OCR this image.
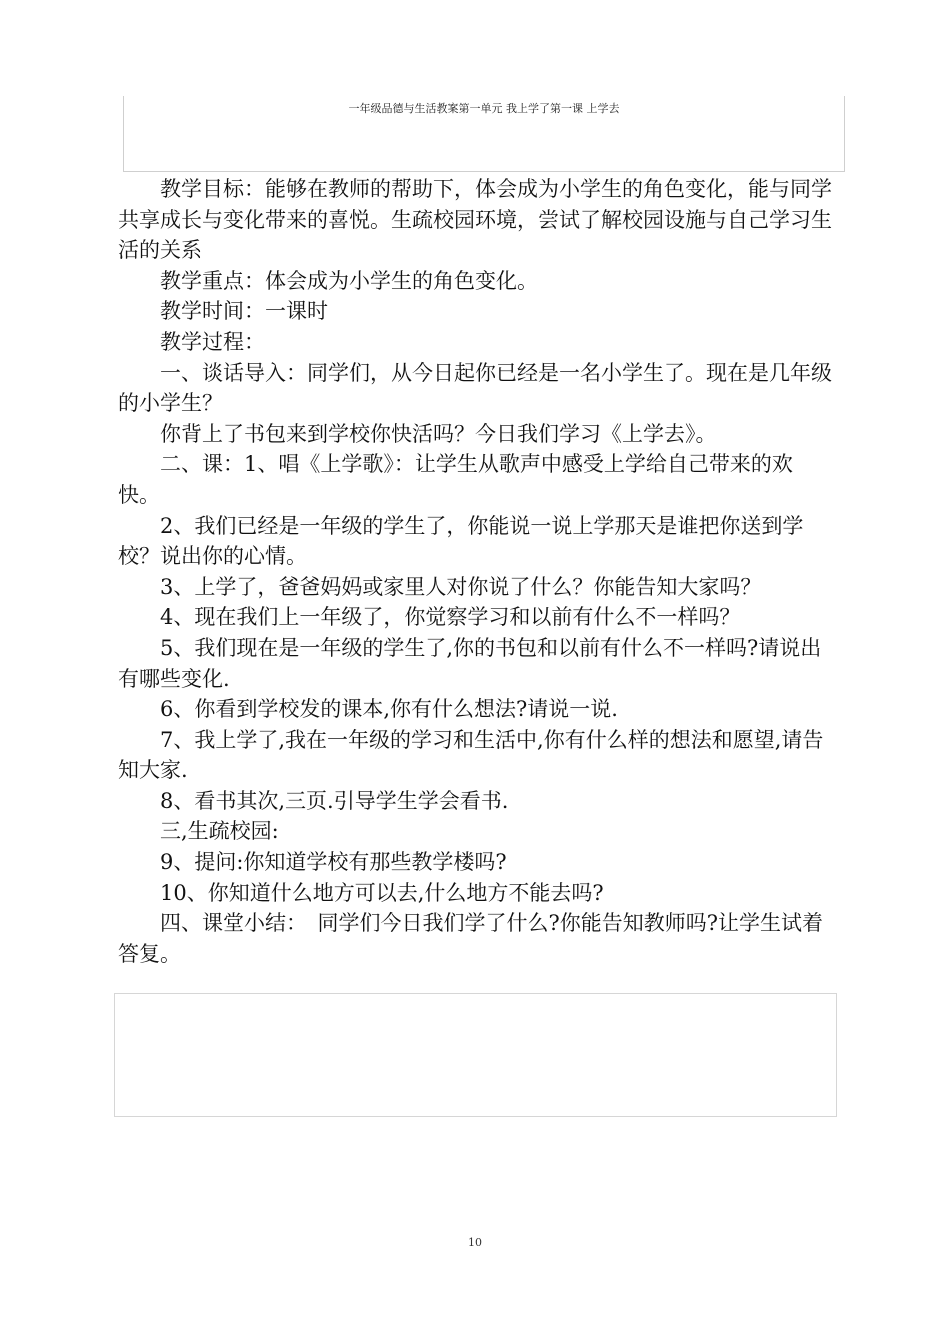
一年级品德与生活教案第一单元 我上学了第一课 上学去

教学目标：能够在教师的帮助下，体会成为小学生的角色变化，能与同学共享成长与变化带来的喜悦。生疏校园环境，尝试了解校园设施与自己学习生活的关系

教学重点：体会成为小学生的角色变化。

教学时间：一课时

教学过程：

一、谈话导入：同学们，从今日起你已经是一名小学生了。现在是几年级的小学生？

你背上了书包来到学校你快活吗？今日我们学习《上学去》。

二、课：1、唱《上学歌》：让学生从歌声中感受上学给自己带来的欢快。

2、我们已经是一年级的学生了，你能说一说上学那天是谁把你送到学校？说出你的心情。

3、上学了，爸爸妈妈或家里人对你说了什么？你能告知大家吗？

4、现在我们上一年级了，你觉察学习和以前有什么不一样吗？

5、我们现在是一年级的学生了,你的书包和以前有什么不一样吗?请说出有哪些变化.

6、你看到学校发的课本,你有什么想法?请说一说.

7、我上学了,我在一年级的学习和生活中,你有什么样的想法和愿望,请告知大家.

8、看书其次,三页.引导学生学会看书.

三,生疏校园:

9、提问:你知道学校有那些教学楼吗?

10、你知道什么地方可以去,什么地方不能去吗?

四、课堂小结：　同学们今日我们学了什么?你能告知教师吗?让学生试着答复。

10
